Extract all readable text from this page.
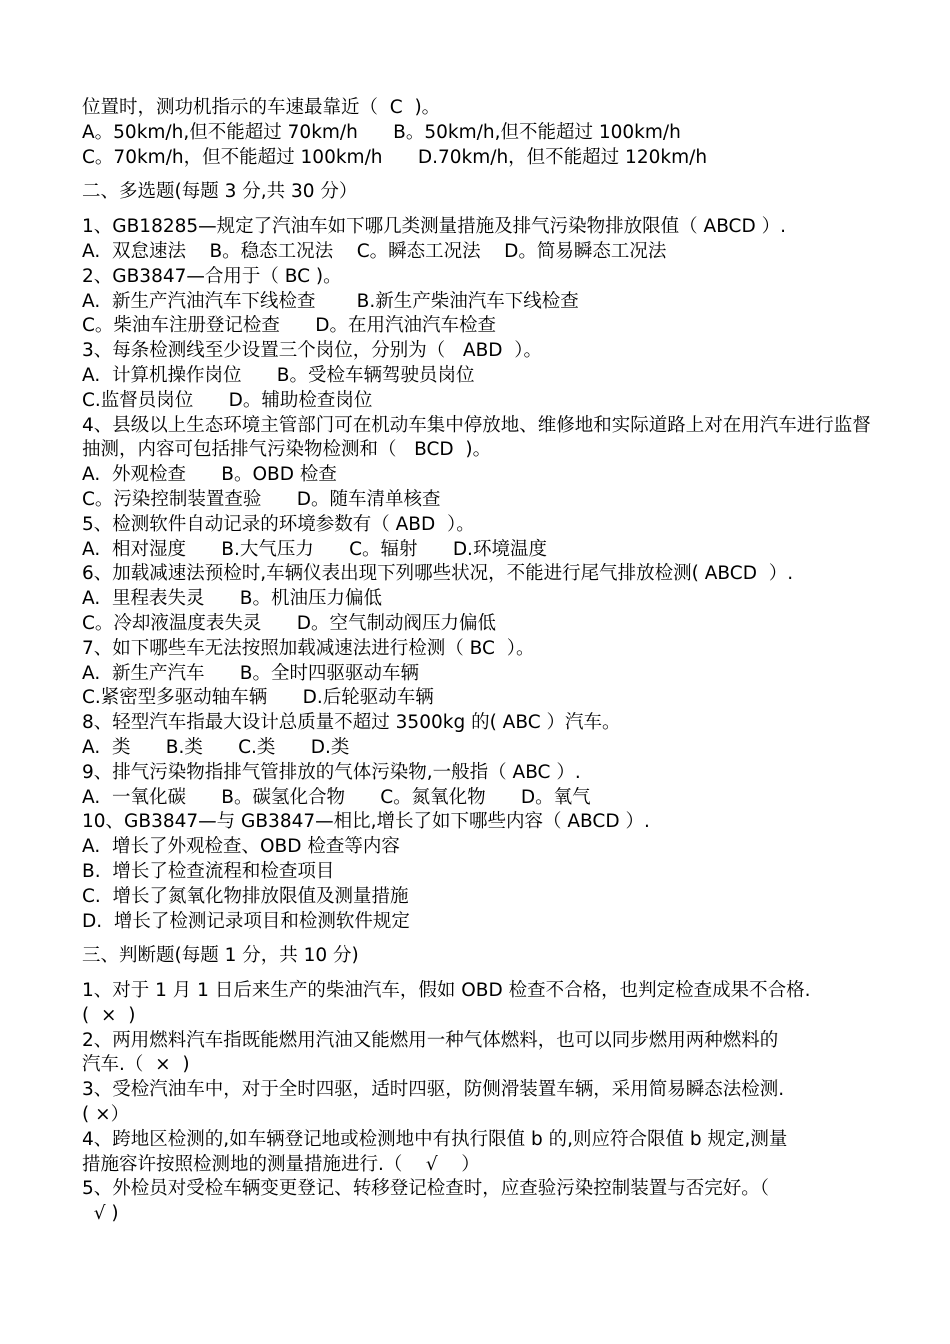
位置时，测功机指示的车速最靠近（  C  )。
A。50km/h,但不能超过 70km/h      B。50km/h,但不能超过 100km/h
C。70km/h，但不能超过 100km/h      D.70km/h，但不能超过 120km/h
二、多选题(每题 3 分,共 30 分）
1、GB18285—规定了汽油车如下哪几类测量措施及排气污染物排放限值（ ABCD ）.
A.  双怠速法    B。稳态工况法    C。瞬态工况法    D。简易瞬态工况法
2、GB3847—合用于（ BC )。
A.  新生产汽油汽车下线检查       B.新生产柴油汽车下线检查
C。柴油车注册登记检查      D。在用汽油汽车检查
3、每条检测线至少设置三个岗位，分别为（   ABD  ）。
A.  计算机操作岗位      B。受检车辆驾驶员岗位
C.监督员岗位      D。辅助检查岗位
4、县级以上生态环境主管部门可在机动车集中停放地、维修地和实际道路上对在用汽车进行监督抽测，内容可包括排气污染物检测和（   BCD  )。
A.  外观检查      B。OBD 检查
C。污染控制装置查验      D。随车清单核查
5、检测软件自动记录的环境参数有（ ABD  ）。
A.  相对湿度      B.大气压力      C。辐射      D.环境温度
6、加载减速法预检时,车辆仪表出现下列哪些状况，不能进行尾气排放检测( ABCD  ）.
A.  里程表失灵      B。机油压力偏低
C。冷却液温度表失灵      D。空气制动阀压力偏低
7、如下哪些车无法按照加载减速法进行检测（ BC  ）。
A.  新生产汽车      B。全时四驱驱动车辆
C.紧密型多驱动轴车辆      D.后轮驱动车辆
8、轻型汽车指最大设计总质量不超过 3500kg 的( ABC ）汽车。
A.  类      B.类      C.类      D.类
9、排气污染物指排气管排放的气体污染物,一般指（ ABC ）.
A.  一氧化碳      B。碳氢化合物      C。氮氧化物      D。氧气
10、GB3847—与 GB3847—相比,增长了如下哪些内容（ ABCD ）.
A.  增长了外观检查、OBD 检查等内容
B.  增长了检查流程和检查项目
C.  增长了氮氧化物排放限值及测量措施
D.  增长了检测记录项目和检测软件规定
三、判断题(每题 1 分，共 10 分)
1、对于 1 月 1 日后来生产的柴油汽车，假如 OBD 检查不合格，也判定检查成果不合格.
(  ×  )
2、两用燃料汽车指既能燃用汽油又能燃用一种气体燃料，也可以同步燃用两种燃料的
汽车.（  ×  )
3、受检汽油车中，对于全时四驱，适时四驱，防侧滑装置车辆，采用简易瞬态法检测.
( ×）
4、跨地区检测的,如车辆登记地或检测地中有执行限值 b 的,则应符合限值 b 规定,测量
措施容许按照检测地的测量措施进行.（    √    ）
5、外检员对受检车辆变更登记、转移登记检查时，应查验污染控制装置与否完好。（
√ )
